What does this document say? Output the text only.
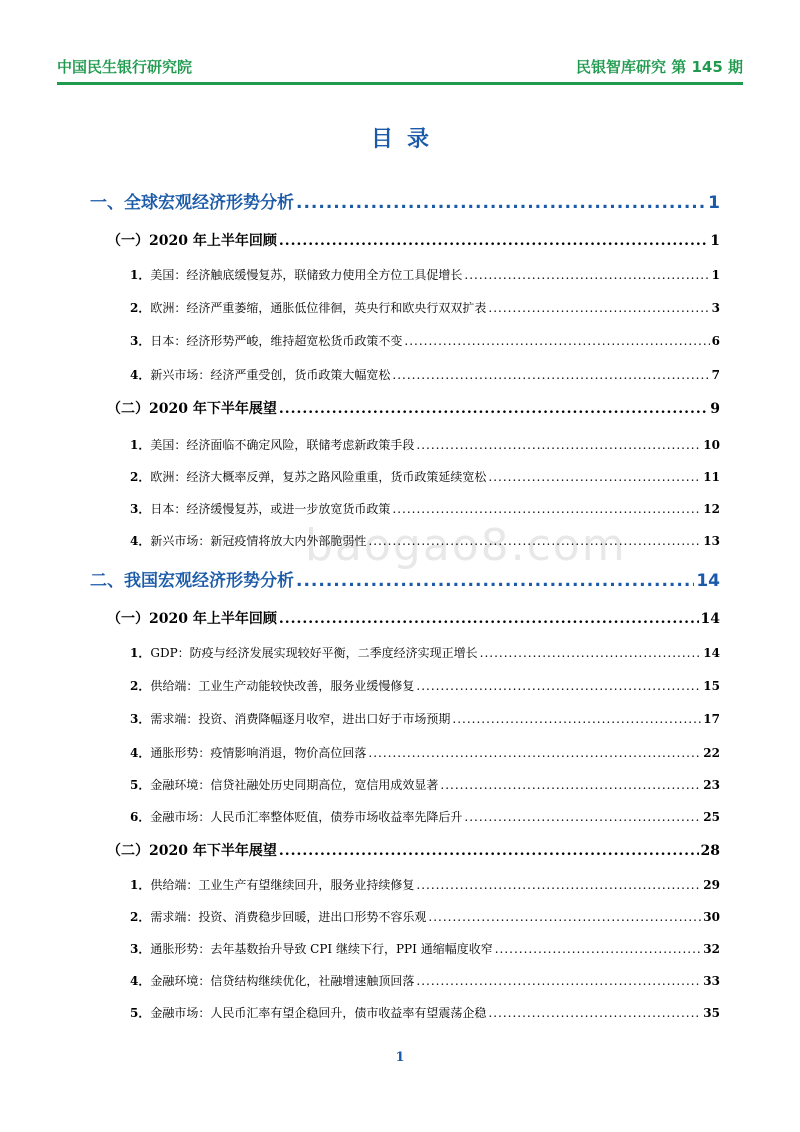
中国民生银行研究院	民银智库研究 第 145 期
目录
baogao8.com
一、全球宏观经济形势分析 .....	1
（一）2020 年上半年回顾 .....	1
1．美国：经济触底缓慢复苏，联储致力使用全方位工具促增长 .....	1
2．欧洲：经济严重萎缩，通胀低位徘徊，英央行和欧央行双双扩表 .....	3
3．日本：经济形势严峻，维持超宽松货币政策不变 .....	6
4．新兴市场：经济严重受创，货币政策大幅宽松 .....	7
（二）2020 年下半年展望 .....	9
1．美国：经济面临不确定风险，联储考虑新政策手段 .....	10
2．欧洲：经济大概率反弹，复苏之路风险重重，货币政策延续宽松 .....	11
3．日本：经济缓慢复苏，或进一步放宽货币政策 .....	12
4．新兴市场：新冠疫情将放大内外部脆弱性 .....	13
二、我国宏观经济形势分析 .....	14
（一）2020 年上半年回顾 .....	14
1．GDP：防疫与经济发展实现较好平衡，二季度经济实现正增长 .....	14
2．供给端：工业生产动能较快改善，服务业缓慢修复 .....	15
3．需求端：投资、消费降幅逐月收窄，进出口好于市场预期 .....	17
4．通胀形势：疫情影响消退，物价高位回落 .....	22
5．金融环境：信贷社融处历史同期高位，宽信用成效显著 .....	23
6．金融市场：人民币汇率整体贬值，债券市场收益率先降后升 .....	25
（二）2020 年下半年展望 .....	28
1．供给端：工业生产有望继续回升，服务业持续修复 .....	29
2．需求端：投资、消费稳步回暖，进出口形势不容乐观 .....	30
3．通胀形势：去年基数抬升导致 CPI 继续下行，PPI 通缩幅度收窄 .....	32
4．金融环境：信贷结构继续优化，社融增速触顶回落 .....	33
5．金融市场：人民币汇率有望企稳回升，债市收益率有望震荡企稳 .....	35
1
